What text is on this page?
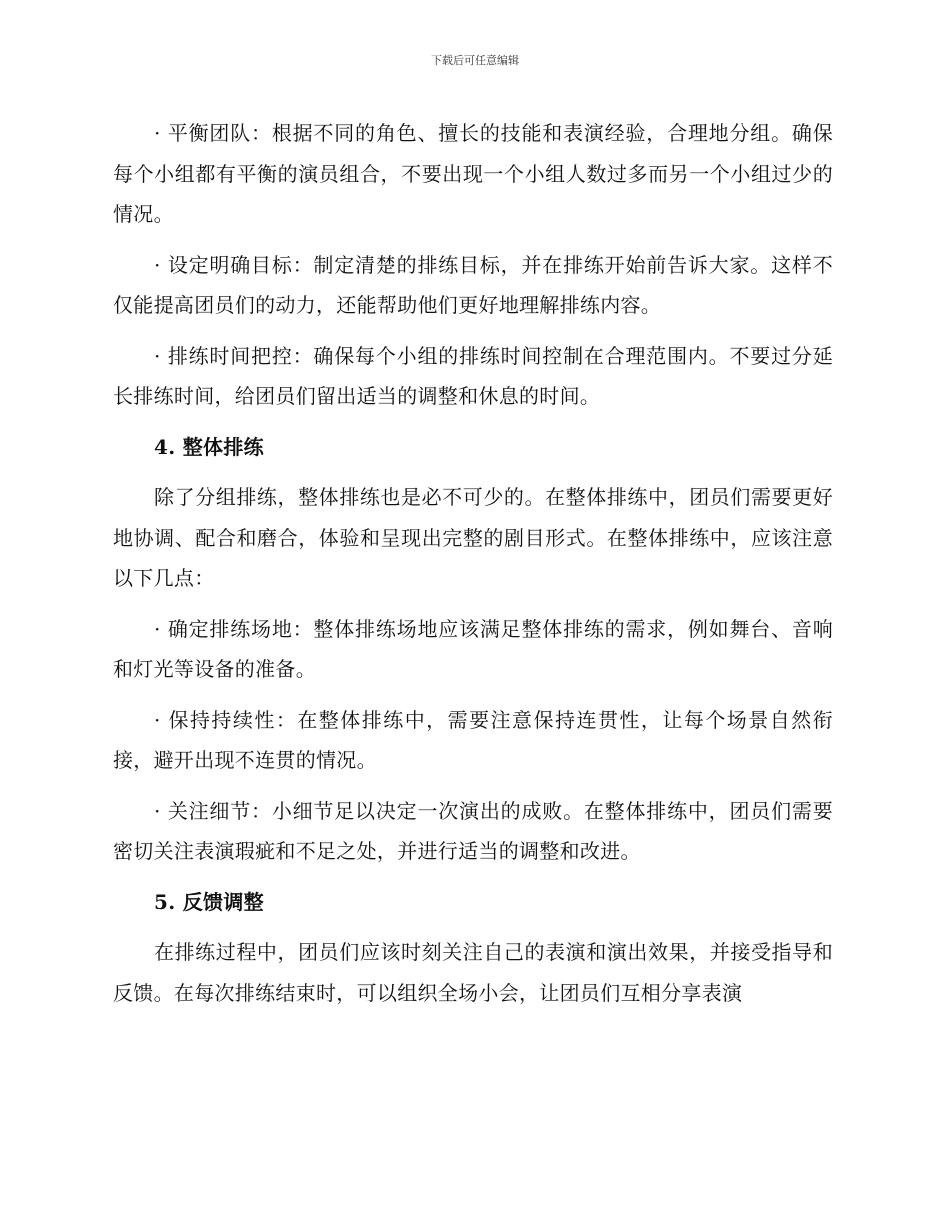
下载后可任意编辑

· 平衡团队：根据不同的角色、擅长的技能和表演经验，合理地分组。确保每个小组都有平衡的演员组合，不要出现一个小组人数过多而另一个小组过少的情况。

· 设定明确目标：制定清楚的排练目标，并在排练开始前告诉大家。这样不仅能提高团员们的动力，还能帮助他们更好地理解排练内容。

· 排练时间把控：确保每个小组的排练时间控制在合理范围内。不要过分延长排练时间，给团员们留出适当的调整和休息的时间。

4. 整体排练

除了分组排练，整体排练也是必不可少的。在整体排练中，团员们需要更好地协调、配合和磨合，体验和呈现出完整的剧目形式。在整体排练中，应该注意以下几点：

· 确定排练场地：整体排练场地应该满足整体排练的需求，例如舞台、音响和灯光等设备的准备。

· 保持持续性：在整体排练中，需要注意保持连贯性，让每个场景自然衔接，避开出现不连贯的情况。

· 关注细节：小细节足以决定一次演出的成败。在整体排练中，团员们需要密切关注表演瑕疵和不足之处，并进行适当的调整和改进。

5. 反馈调整

在排练过程中，团员们应该时刻关注自己的表演和演出效果，并接受指导和反馈。在每次排练结束时，可以组织全场小会，让团员们互相分享表演
